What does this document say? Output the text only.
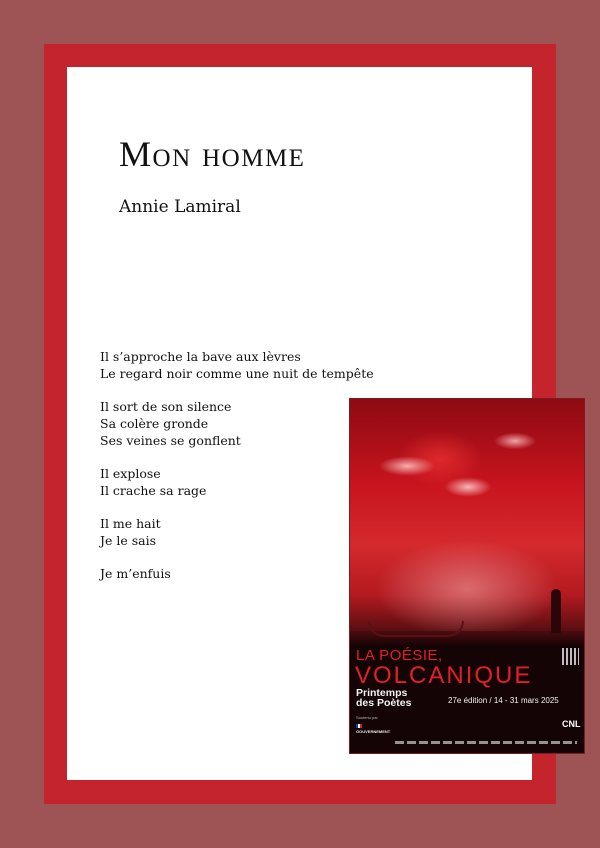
Mon homme

Annie Lamiral

Il s’approche la bave aux lèvres

Le regard noir comme une nuit de tempête

Il sort de son silence

Sa colère gronde

Ses veines se gonflent

Il explose

Il crache sa rage

Il me hait

Je le sais

Je m’enfuis

LA POÉSIE,

VOLCANIQUE

Printemps
des Poètes	27e édition / 14 - 31 mars 2025

Soutenu par

GOUVERNEMENT

CNL
